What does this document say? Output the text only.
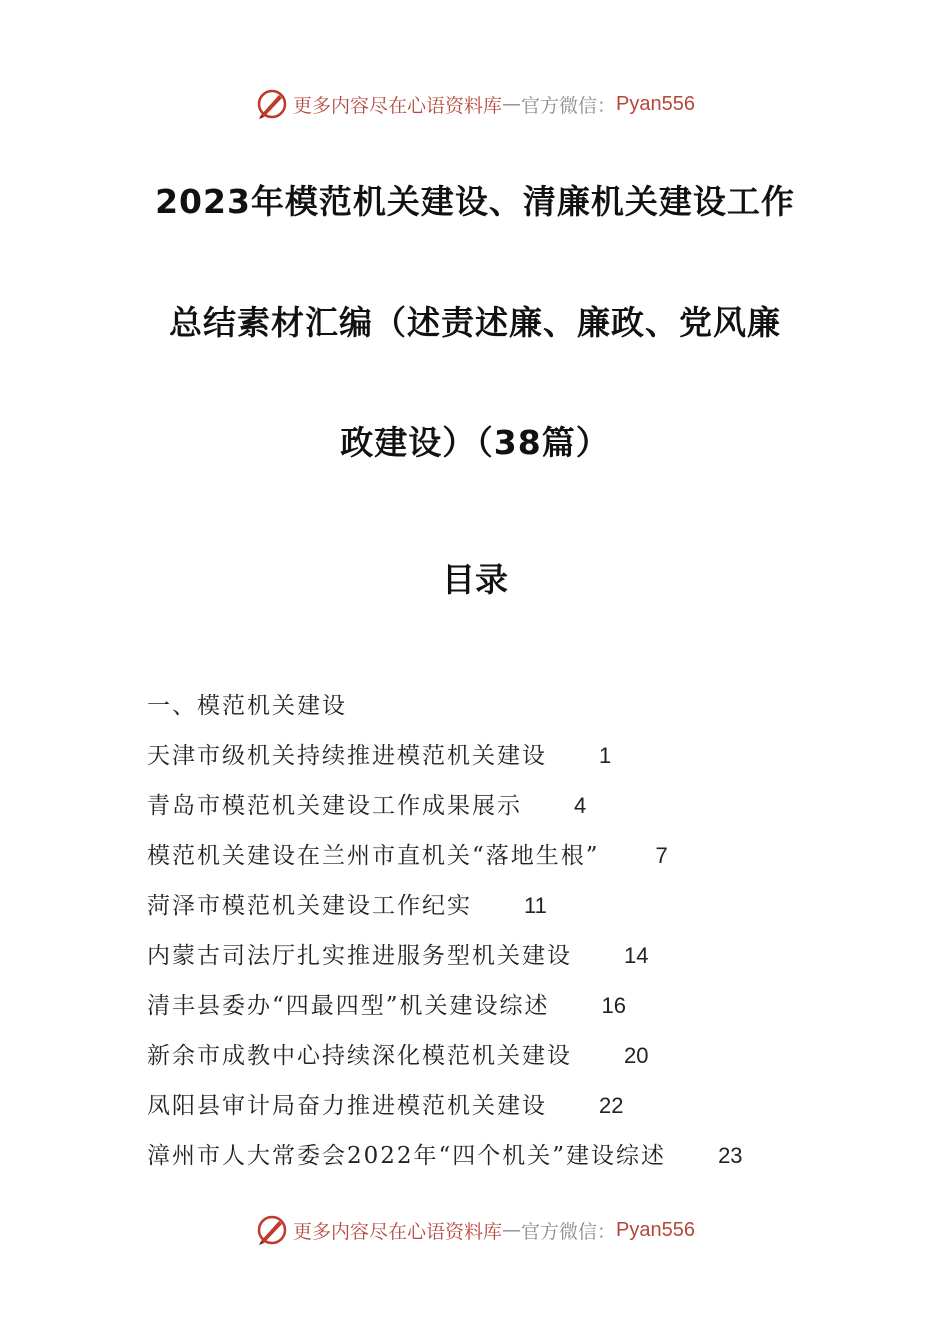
更多内容尽在心语资料库 — 官方微信： Pyan556
2023年模范机关建设、清廉机关建设工作
总结素材汇编（述责述廉、廉政、党风廉
政建设）（38篇）
目录
一、模范机关建设
天津市级机关持续推进模范机关建设 1
青岛市模范机关建设工作成果展示 4
模范机关建设在兰州市直机关“落地生根”	7
菏泽市模范机关建设工作纪实 11
内蒙古司法厅扎实推进服务型机关建设 14
清丰县委办“四最四型”机关建设综述 16
新余市成教中心持续深化模范机关建设 20
凤阳县审计局奋力推进模范机关建设 22
漳州市人大常委会2022年“四个机关”建设综述 23
更多内容尽在心语资料库 — 官方微信： Pyan556
